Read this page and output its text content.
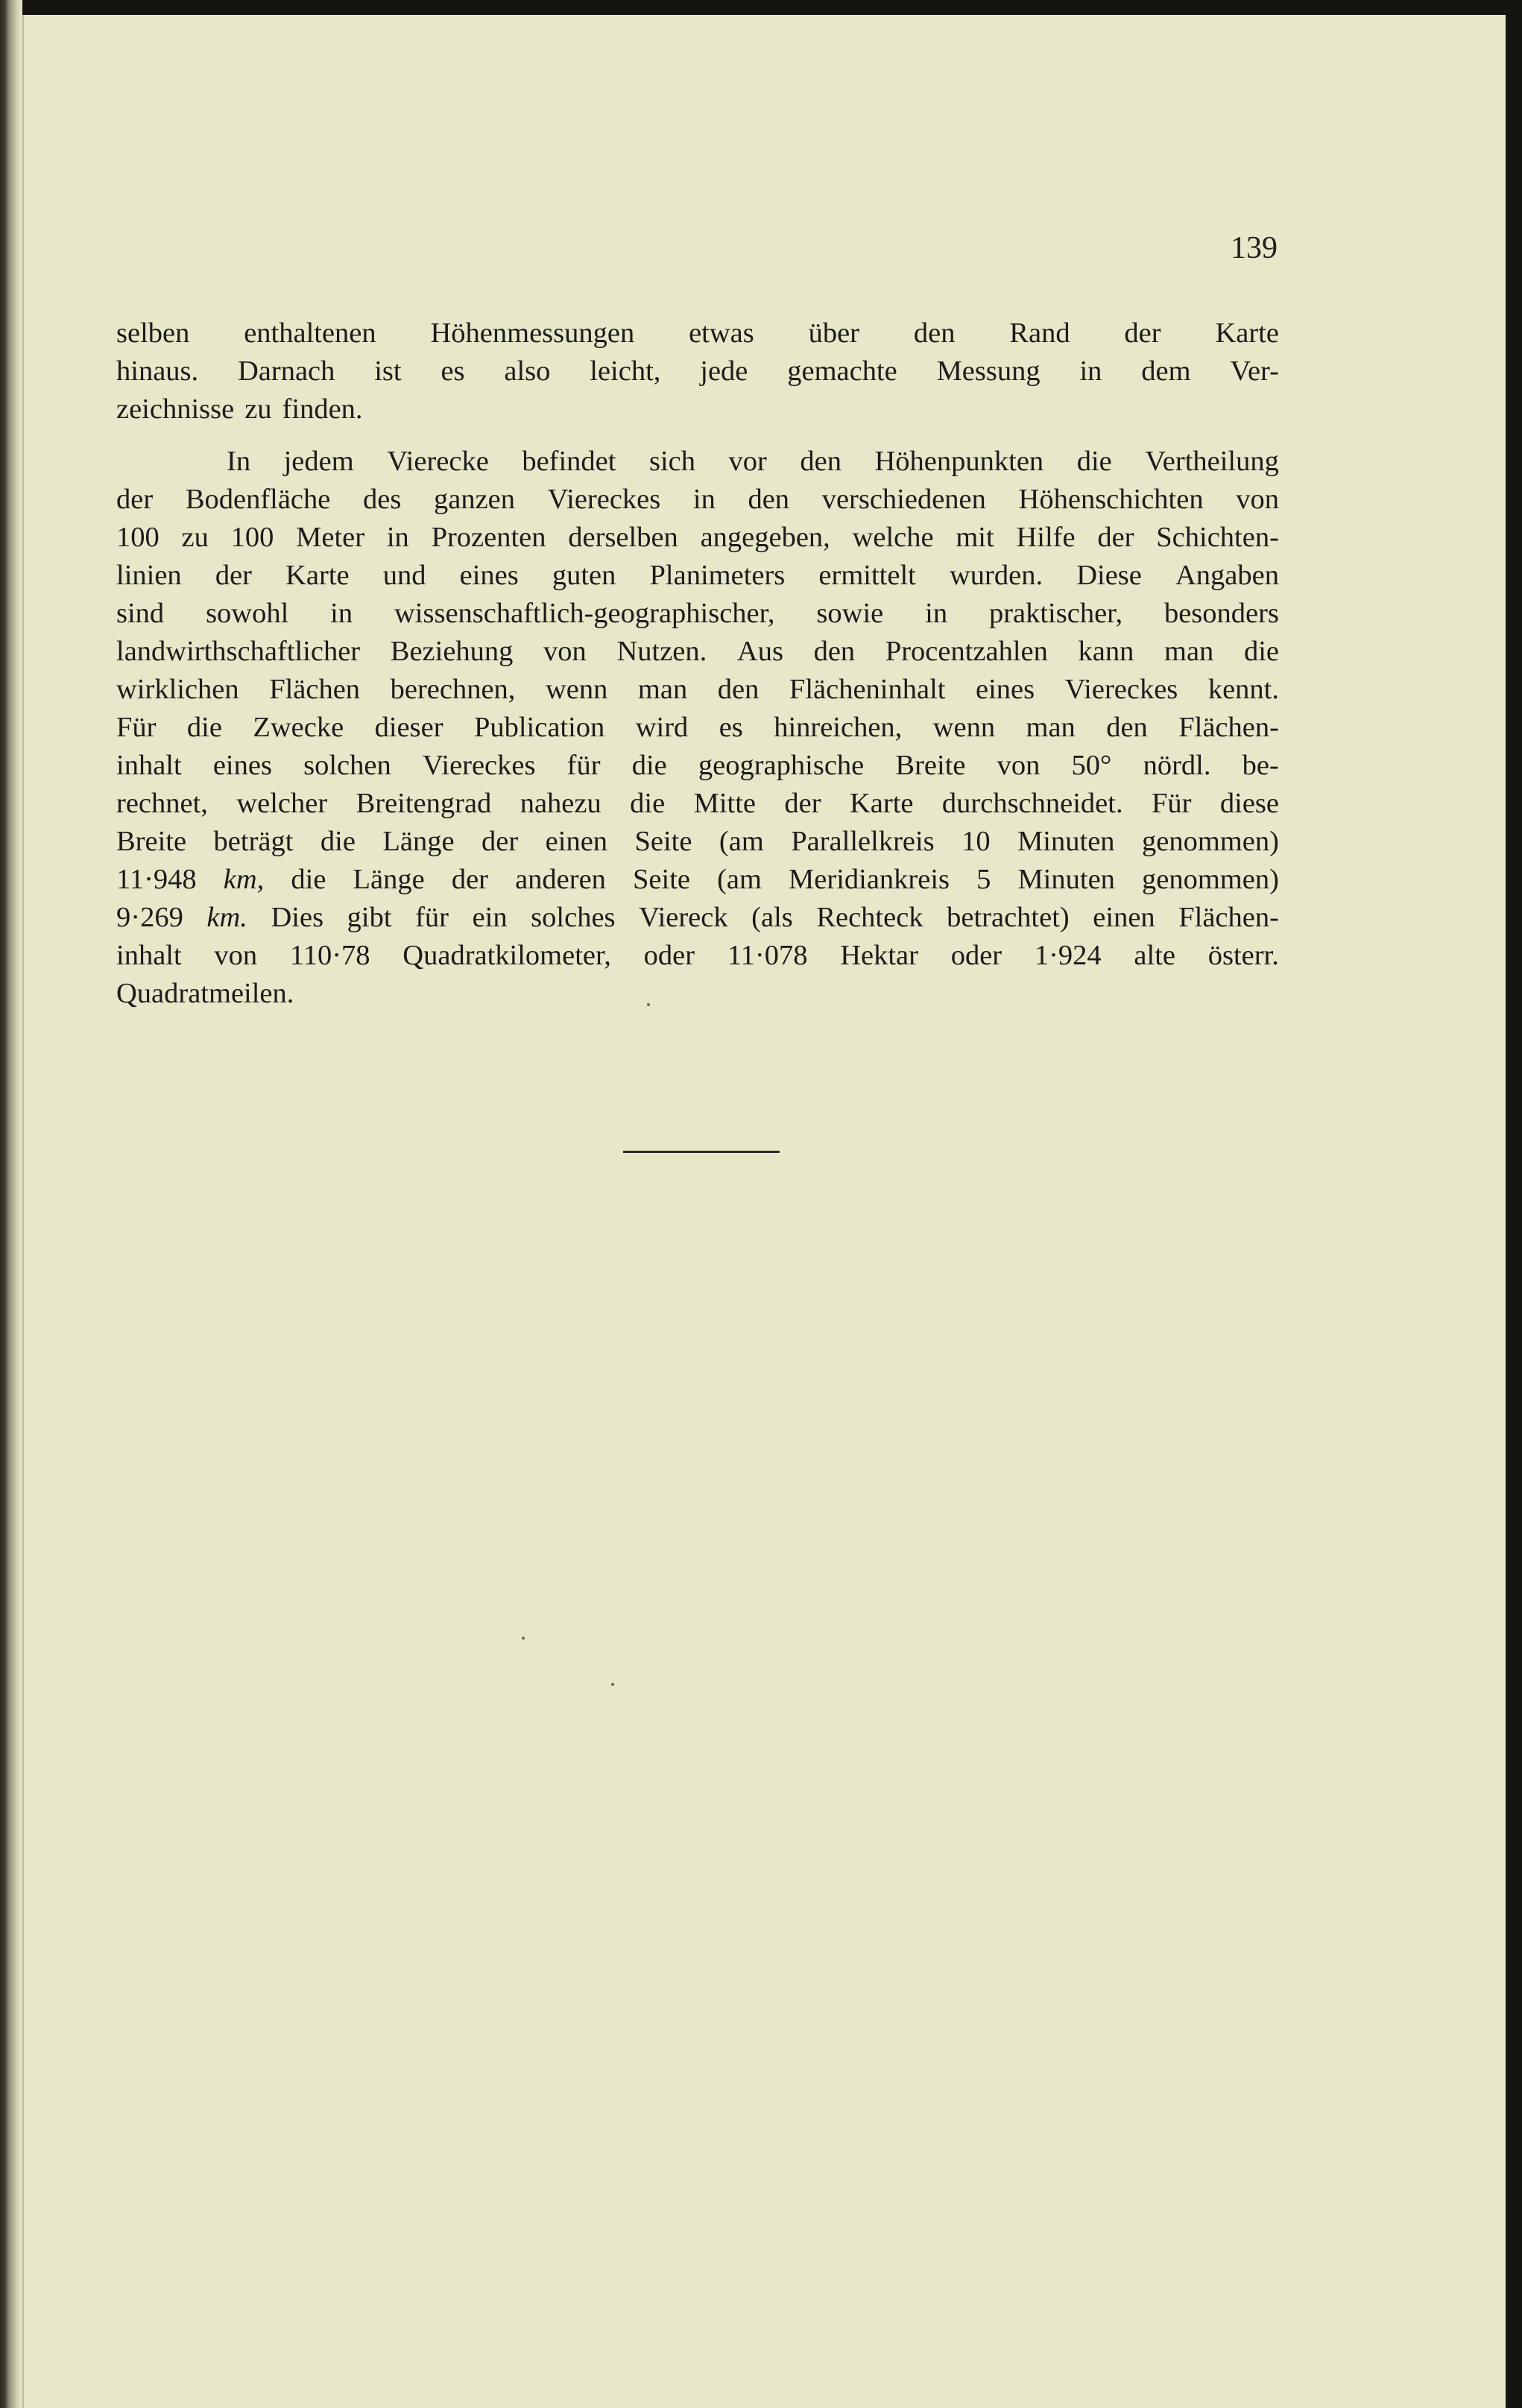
139
selben enthaltenen Höhenmessungen etwas über den Rand der Karte
hinaus. Darnach ist es also leicht, jede gemachte Messung in dem Ver-
zeichnisse zu finden.
In jedem Vierecke befindet sich vor den Höhenpunkten die Vertheilung
der Bodenfläche des ganzen Viereckes in den verschiedenen Höhenschichten von
100 zu 100 Meter in Prozenten derselben angegeben, welche mit Hilfe der Schichten-
linien der Karte und eines guten Planimeters ermittelt wurden. Diese Angaben
sind sowohl in wissenschaftlich-geographischer, sowie in praktischer, besonders
landwirthschaftlicher Beziehung von Nutzen. Aus den Procentzahlen kann man die
wirklichen Flächen berechnen, wenn man den Flächeninhalt eines Viereckes kennt.
Für die Zwecke dieser Publication wird es hinreichen, wenn man den Flächen-
inhalt eines solchen Viereckes für die geographische Breite von 50° nördl. be-
rechnet, welcher Breitengrad nahezu die Mitte der Karte durchschneidet. Für diese
Breite beträgt die Länge der einen Seite (am Parallelkreis 10 Minuten genommen)
11·948 km, die Länge der anderen Seite (am Meridiankreis 5 Minuten genommen)
9·269 km. Dies gibt für ein solches Viereck (als Rechteck betrachtet) einen Flächen-
inhalt von 110·78 Quadratkilometer, oder 11·078 Hektar oder 1·924 alte österr.
Quadratmeilen.
